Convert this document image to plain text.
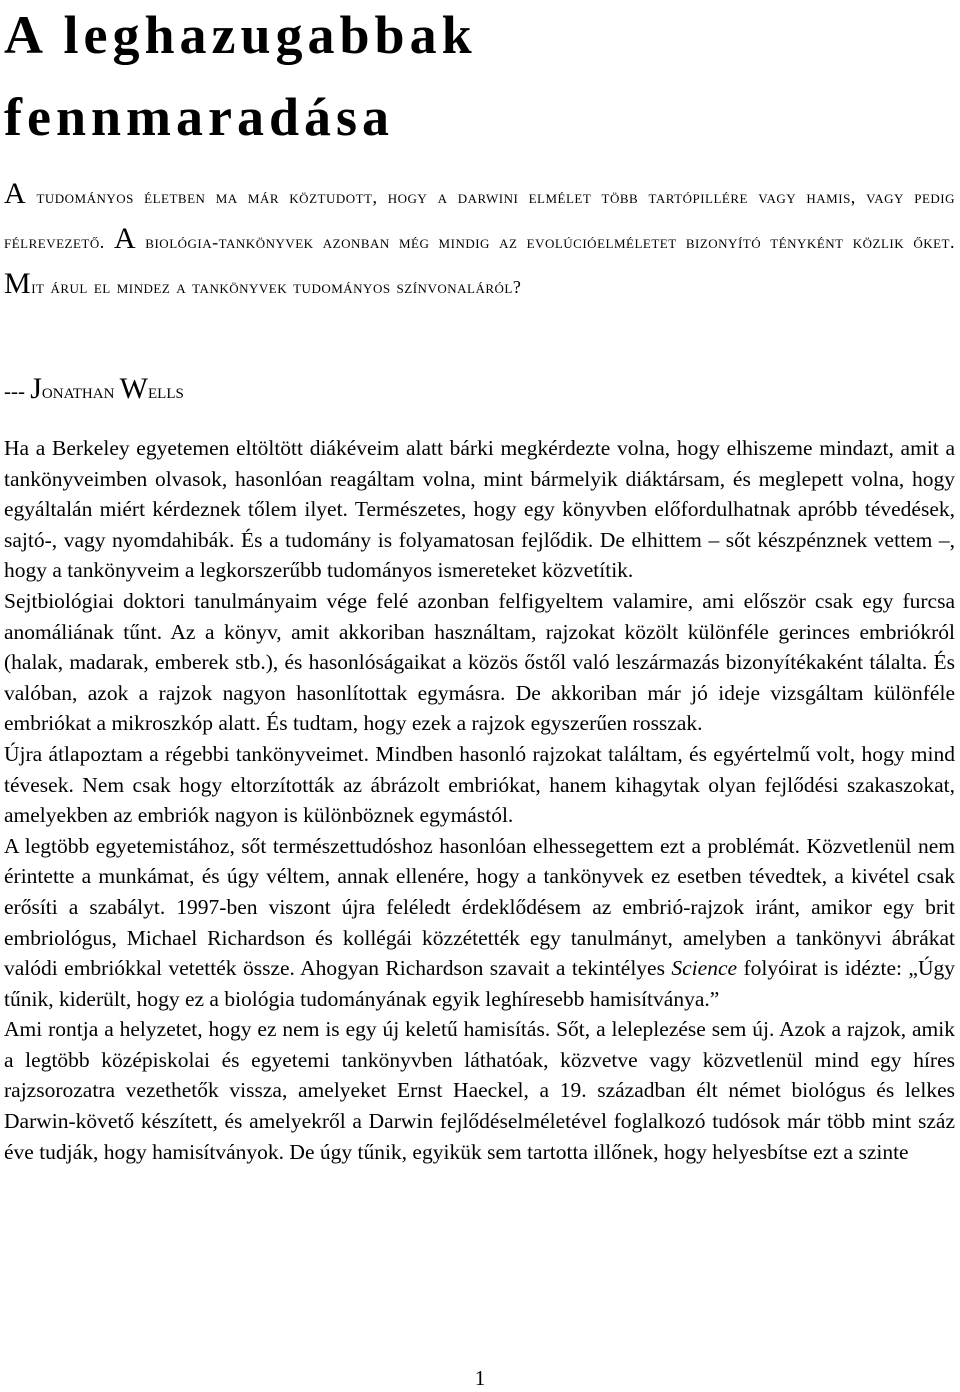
A leghazugabbak
fennmaradása

A tudományos életben ma már köztudott, hogy a darwini elmélet több tartópillére vagy hamis, vagy pedig félrevezető. A biológia-tankönyvek azonban még mindig az evolúcióelméletet bizonyító tényként közlik őket. Mit árul el mindez a tankönyvek tudományos színvonaláról?

--- Jonathan Wells

Ha a Berkeley egyetemen eltöltött diákéveim alatt bárki megkérdezte volna, hogy elhiszeme mindazt, amit a tankönyveimben olvasok, hasonlóan reagáltam volna, mint bármelyik diáktársam, és meglepett volna, hogy egyáltalán miért kérdeznek tőlem ilyet. Természetes, hogy egy könyvben előfordulhatnak apróbb tévedések, sajtó-, vagy nyomdahibák. És a tudomány is folyamatosan fejlődik. De elhittem – sőt készpénznek vettem –, hogy a tankönyveim a legkorszerűbb tudományos ismereteket közvetítik.

Sejtbiológiai doktori tanulmányaim vége felé azonban felfigyeltem valamire, ami először csak egy furcsa anomáliának tűnt. Az a könyv, amit akkoriban használtam, rajzokat közölt különféle gerinces embriókról (halak, madarak, emberek stb.), és hasonlóságaikat a közös őstől való leszármazás bizonyítékaként tálalta. És valóban, azok a rajzok nagyon hasonlítottak egymásra. De akkoriban már jó ideje vizsgáltam különféle embriókat a mikroszkóp alatt. És tudtam, hogy ezek a rajzok egyszerűen rosszak.

Újra átlapoztam a régebbi tankönyveimet. Mindben hasonló rajzokat találtam, és egyértelmű volt, hogy mind tévesek. Nem csak hogy eltorzították az ábrázolt embriókat, hanem kihagytak olyan fejlődési szakaszokat, amelyekben az embriók nagyon is különböznek egymástól.

A legtöbb egyetemistához, sőt természettudóshoz hasonlóan elhessegettem ezt a problémát. Közvetlenül nem érintette a munkámat, és úgy véltem, annak ellenére, hogy a tankönyvek ez esetben tévedtek, a kivétel csak erősíti a szabályt. 1997-ben viszont újra feléledt érdeklődésem az embrió-rajzok iránt, amikor egy brit embriológus, Michael Richardson és kollégái közzétették egy tanulmányt, amelyben a tankönyvi ábrákat valódi embriókkal vetették össze. Ahogyan Richardson szavait a tekintélyes Science folyóirat is idézte: „Úgy tűnik, kiderült, hogy ez a biológia tudományának egyik leghíresebb hamisítványa.”

Ami rontja a helyzetet, hogy ez nem is egy új keletű hamisítás. Sőt, a leleplezése sem új. Azok a rajzok, amik a legtöbb középiskolai és egyetemi tankönyvben láthatóak, közvetve vagy közvetlenül mind egy híres rajzsorozatra vezethetők vissza, amelyeket Ernst Haeckel, a 19. században élt német biológus és lelkes Darwin-követő készített, és amelyekről a Darwin fejlődéselméletével foglalkozó tudósok már több mint száz éve tudják, hogy hamisítványok. De úgy tűnik, egyikük sem tartotta illőnek, hogy helyesbítse ezt a szinte

1
